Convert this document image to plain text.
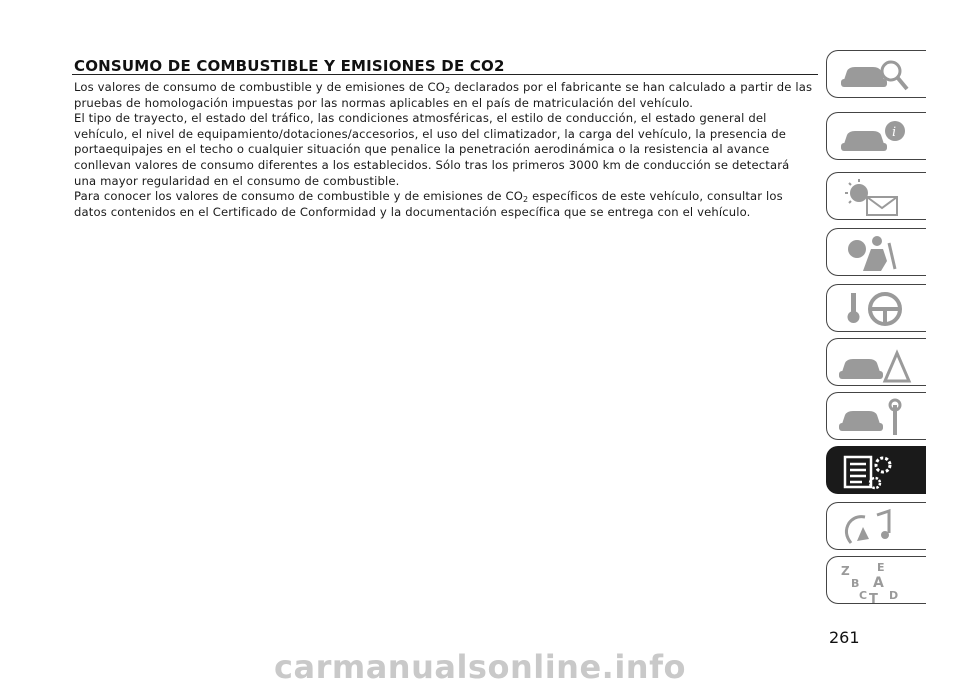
CONSUMO DE COMBUSTIBLE Y EMISIONES DE CO2

Los valores de consumo de combustible y de emisiones de $CO_2$ declarados por el fabricante se han calculado a partir de las pruebas de homologación impuestas por las normas aplicables en el país de matriculación del vehículo.

El tipo de trayecto, el estado del tráfico, las condiciones atmosféricas, el estilo de conducción, el estado general del vehículo, el nivel de equipamiento/dotaciones/accesorios, el uso del climatizador, la carga del vehículo, la presencia de portaequipajes en el techo o cualquier situación que penalice la penetración aerodinámica o la resistencia al avance conllevan valores de consumo diferentes a los establecidos. Sólo tras los primeros 3000 km de conducción se detectará una mayor regularidad en el consumo de combustible.

Para conocer los valores de consumo de combustible y de emisiones de $CO_2$ específicos de este vehículo, consultar los datos contenidos en el Certificado de Conformidad y la documentación específica que se entrega con el vehículo.

i
Z E
B A
C D
T
261
carmanualsonline.info
